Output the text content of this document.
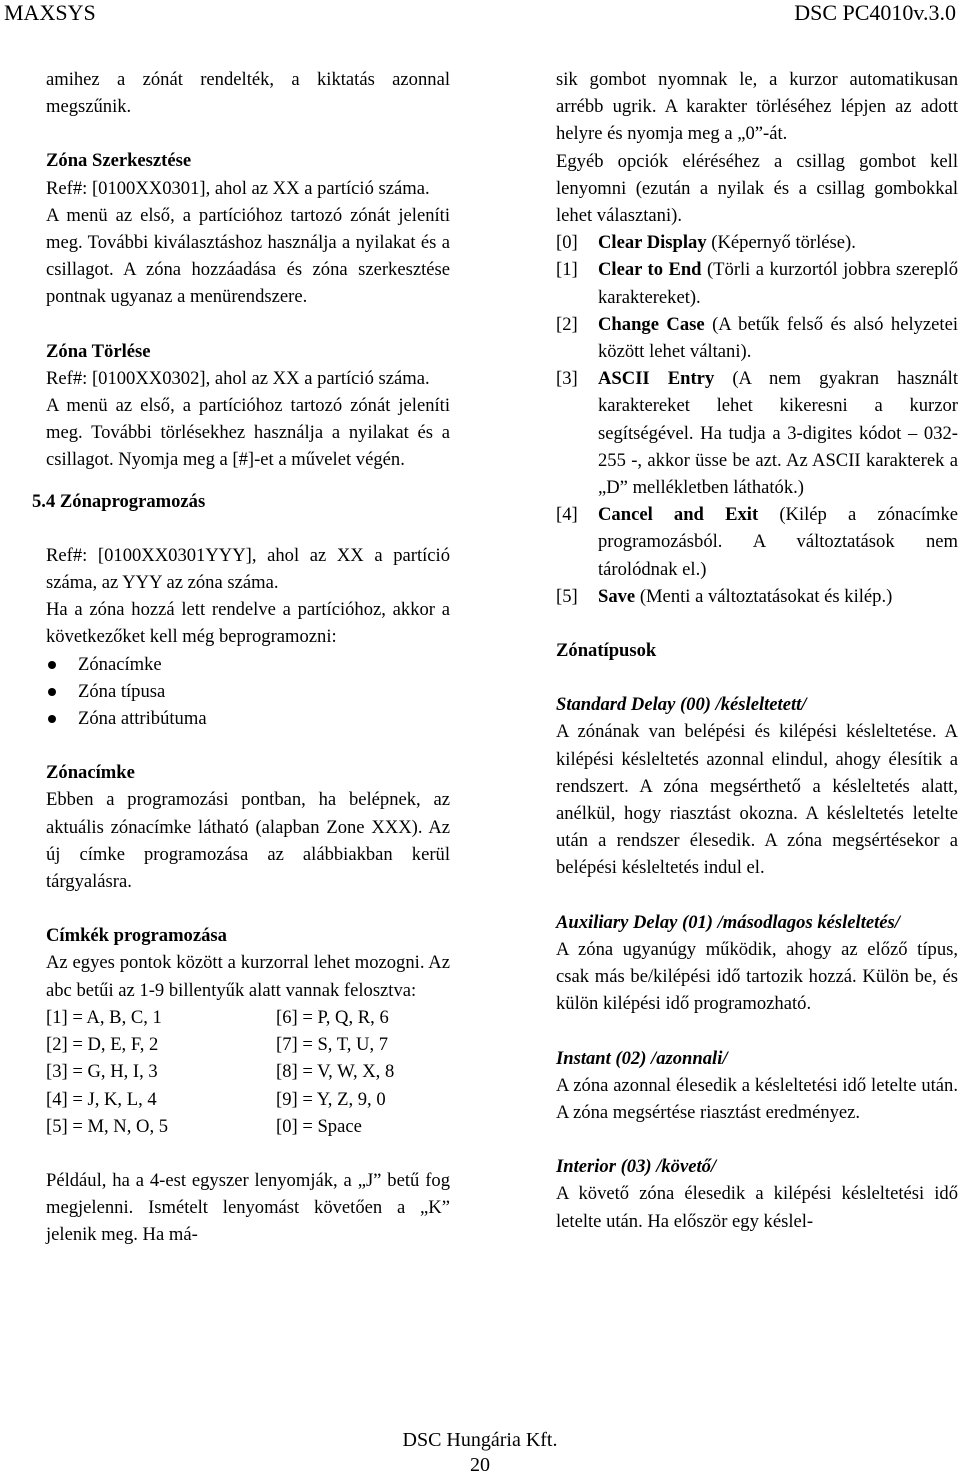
MAXSYS	DSC PC4010v.3.0

amihez a zónát rendelték, a kiktatás azonnal megszűnik.

Zóna Szerkesztése

Ref#: [0100XX0301], ahol az XX a partíció száma.

A menü az első, a partícióhoz tartozó zónát jeleníti meg. További kiválasztáshoz használja a nyilakat és a csillagot. A zóna hozzáadása és zóna szerkesztése pontnak ugyanaz a menürendszere.

Zóna Törlése

Ref#: [0100XX0302], ahol az XX a partíció száma.

A menü az első, a partícióhoz tartozó zónát jeleníti meg. További törlésekhez használja a nyilakat és a csillagot. Nyomja meg a [#]-et a művelet végén.

5.4 Zónaprogramozás

Ref#: [0100XX0301YYY], ahol az XX a partíció száma, az YYY az zóna száma.

Ha a zóna hozzá lett rendelve a partícióhoz, akkor a következőket kell még beprogramozni:

Zónacímke

Zóna típusa

Zóna attribútuma

Zónacímke

Ebben a programozási pontban, ha belépnek, az aktuális zónacímke látható (alapban Zone XXX). Az új címke programozása az alábbiakban kerül tárgyalásra.

Címkék programozása

Az egyes pontok között a kurzorral lehet mozogni. Az abc betűi az 1-9 billentyűk alatt vannak felosztva:

[1] = A, B, C, 1	[6] = P, Q, R, 6
[2] = D, E, F, 2	[7] = S, T, U, 7
[3] = G, H, I, 3	[8] = V, W, X, 8
[4] = J, K, L, 4	[9] = Y, Z, 9, 0
[5] = M, N, O, 5	[0] = Space

Például, ha a 4-est egyszer lenyomják, a „J” betű fog megjelenni. Ismételt lenyomást követően a „K” jelenik meg. Ha má-

sik gombot nyomnak le, a kurzor automatikusan arrébb ugrik. A karakter törléséhez lépjen az adott helyre és nyomja meg a „0”-át.

Egyéb opciók eléréséhez a csillag gombot kell lenyomni (ezután a nyilak és a csillag gombokkal lehet választani).

[0]	Clear Display (Képernyő törlése).
[1]	Clear to End (Törli a kurzortól jobbra szereplő karaktereket).
[2]	Change Case (A betűk felső és alsó helyzetei között lehet váltani).
[3]	ASCII Entry (A nem gyakran használt karaktereket lehet kikeresni a kurzor segítségével. Ha tudja a 3-digites kódot – 032-255 -, akkor üsse be azt. Az ASCII karakterek a „D” mellékletben láthatók.)
[4]	Cancel and Exit (Kilép a zónacímke programozásból. A változtatások nem tárolódnak el.)
[5]	Save (Menti a változtatásokat és kilép.)

Zónatípusok

Standard Delay (00) /késleltetett/

A zónának van belépési és kilépési késleltetése. A kilépési késleltetés azonnal elindul, ahogy élesítik a rendszert. A zóna megsérthető a késleltetés alatt, anélkül, hogy riasztást okozna. A késleltetés letelte után a rendszer élesedik. A zóna megsértésekor a belépési késleltetés indul el.

Auxiliary Delay (01) /másodlagos késleltetés/

A zóna ugyanúgy működik, ahogy az előző típus, csak más be/kilépési idő tartozik hozzá. Külön be, és külön kilépési idő programozható.

Instant (02) /azonnali/

A zóna azonnal élesedik a késleltetési idő letelte után. A zóna megsértése riasztást eredményez.

Interior (03) /követő/

A követő zóna élesedik a kilépési késleltetési idő letelte után. Ha először egy késlel-

DSC Hungária Kft.
20
